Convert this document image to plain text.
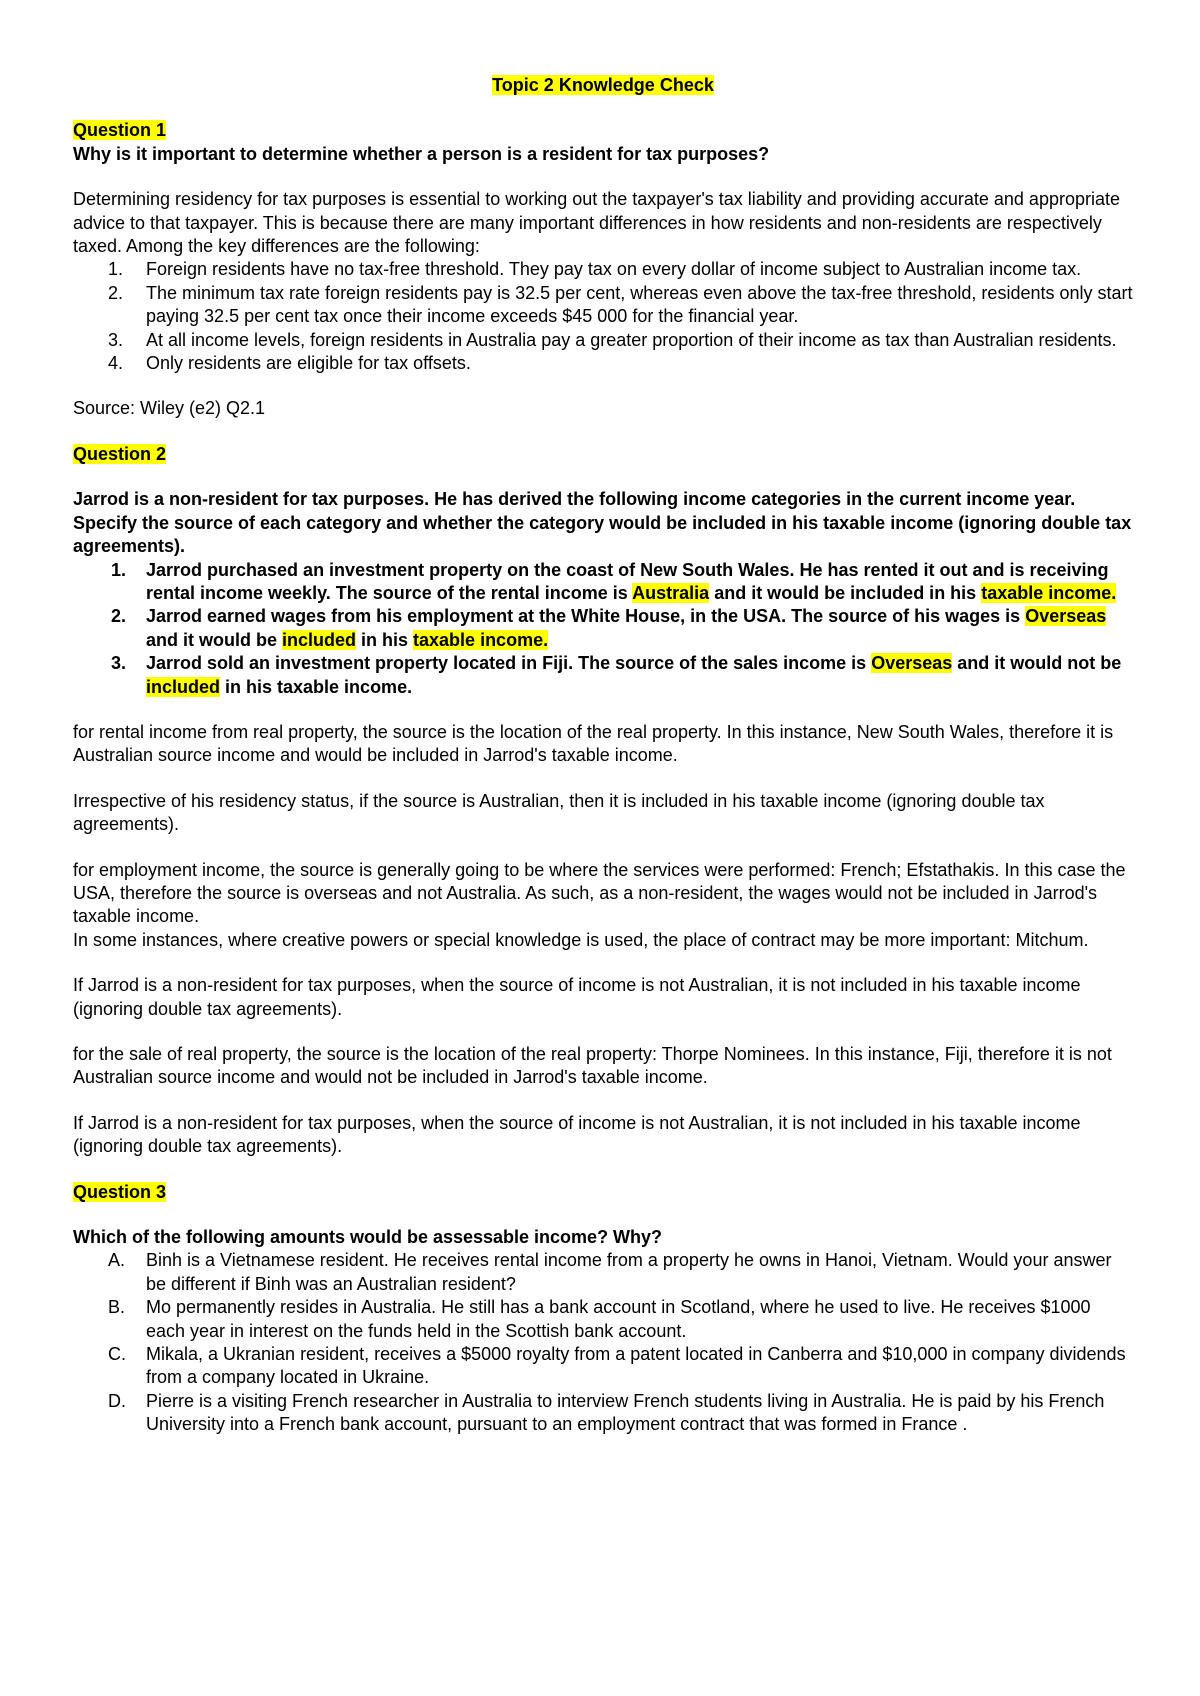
Topic 2 Knowledge Check

Question 1

Why is it important to determine whether a person is a resident for tax purposes?

Determining residency for tax purposes is essential to working out the taxpayer's tax liability and providing accurate and appropriate advice to that taxpayer. This is because there are many important differences in how residents and non-residents are respectively taxed. Among the key differences are the following:

1.	Foreign residents have no tax-free threshold. They pay tax on every dollar of income subject to Australian income tax.
2.	The minimum tax rate foreign residents pay is 32.5 per cent, whereas even above the tax-free threshold, residents only start paying 32.5 per cent tax once their income exceeds $45 000 for the financial year.
3.	At all income levels, foreign residents in Australia pay a greater proportion of their income as tax than Australian residents.
4.	Only residents are eligible for tax offsets.

Source: Wiley (e2) Q2.1

Question 2

Jarrod is a non-resident for tax purposes. He has derived the following income categories in the current income year. Specify the source of each category and whether the category would be included in his taxable income (ignoring double tax agreements).

1.	Jarrod purchased an investment property on the coast of New South Wales. He has rented it out and is receiving rental income weekly. The source of the rental income is Australia and it would be included in his taxable income.
2.	Jarrod earned wages from his employment at the White House, in the USA. The source of his wages is Overseas and it would be included in his taxable income.
3.	Jarrod sold an investment property located in Fiji. The source of the sales income is Overseas and it would not be included in his taxable income.

for rental income from real property, the source is the location of the real property. In this instance, New South Wales, therefore it is Australian source income and would be included in Jarrod's taxable income.

Irrespective of his residency status, if the source is Australian, then it is included in his taxable income (ignoring double tax agreements).

for employment income, the source is generally going to be where the services were performed: French; Efstathakis. In this case the USA, therefore the source is overseas and not Australia. As such, as a non-resident, the wages would not be included in Jarrod's taxable income.

In some instances, where creative powers or special knowledge is used, the place of contract may be more important: Mitchum.

If Jarrod is a non-resident for tax purposes, when the source of income is not Australian, it is not included in his taxable income (ignoring double tax agreements).

for the sale of real property, the source is the location of the real property: Thorpe Nominees. In this instance, Fiji, therefore it is not Australian source income and would not be included in Jarrod's taxable income.

If Jarrod is a non-resident for tax purposes, when the source of income is not Australian, it is not included in his taxable income (ignoring double tax agreements).

Question 3

Which of the following amounts would be assessable income? Why?

A.	Binh is a Vietnamese resident. He receives rental income from a property he owns in Hanoi, Vietnam. Would your answer be different if Binh was an Australian resident?
B.	Mo permanently resides in Australia. He still has a bank account in Scotland, where he used to live. He receives $1000 each year in interest on the funds held in the Scottish bank account.
C.	Mikala, a Ukranian resident, receives a $5000 royalty from a patent located in Canberra and $10,000 in company dividends from a company located in Ukraine.
D.	Pierre is a visiting French researcher in Australia to interview French students living in Australia. He is paid by his French University into a French bank account, pursuant to an employment contract that was formed in France .
